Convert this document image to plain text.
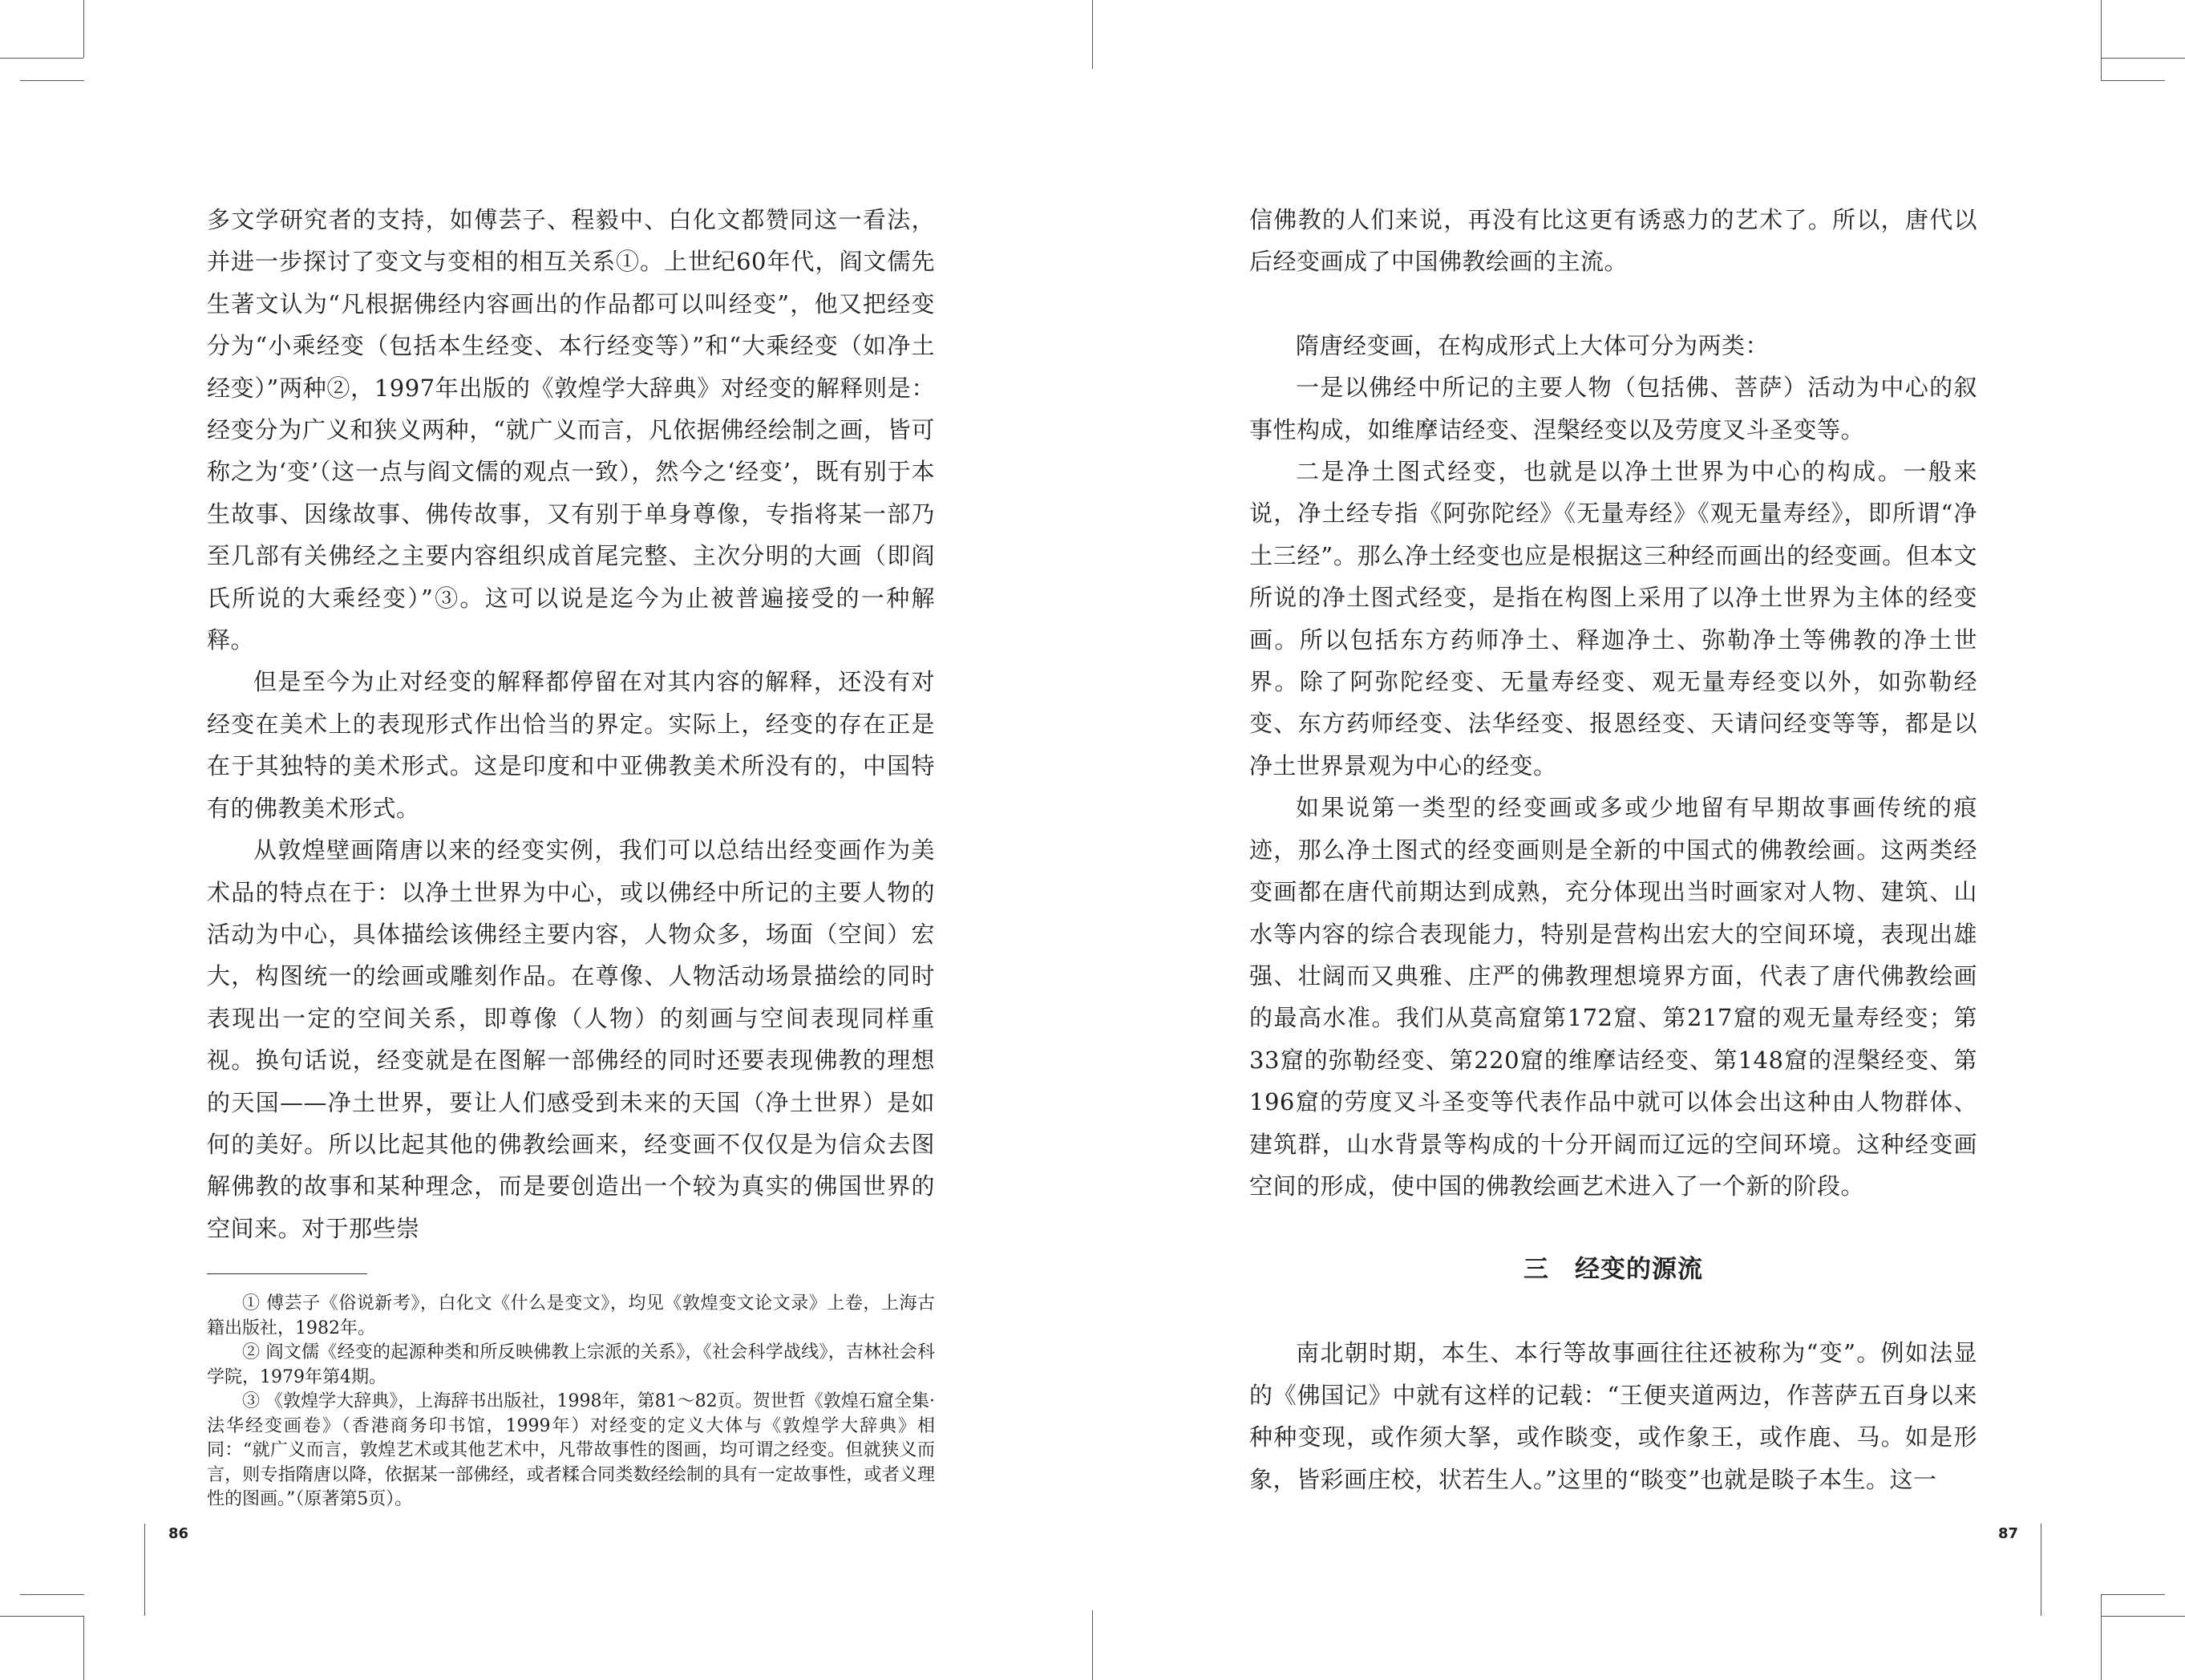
多文学研究者的支持，如傅芸子、程毅中、白化文都赞同这一看法，并进一步探讨了变文与变相的相互关系①。上世纪60年代，阎文儒先生著文认为“凡根据佛经内容画出的作品都可以叫经变”，他又把经变分为“小乘经变（包括本生经变、本行经变等）”和“大乘经变（如净土经变）”两种②，1997年出版的《敦煌学大辞典》对经变的解释则是：经变分为广义和狭义两种，“就广义而言，凡依据佛经绘制之画，皆可称之为‘变’（这一点与阎文儒的观点一致），然今之‘经变’，既有别于本生故事、因缘故事、佛传故事，又有别于单身尊像，专指将某一部乃至几部有关佛经之主要内容组织成首尾完整、主次分明的大画（即阎氏所说的大乘经变）”③。这可以说是迄今为止被普遍接受的一种解释。

但是至今为止对经变的解释都停留在对其内容的解释，还没有对经变在美术上的表现形式作出恰当的界定。实际上，经变的存在正是在于其独特的美术形式。这是印度和中亚佛教美术所没有的，中国特有的佛教美术形式。

从敦煌壁画隋唐以来的经变实例，我们可以总结出经变画作为美术品的特点在于：以净土世界为中心，或以佛经中所记的主要人物的活动为中心，具体描绘该佛经主要内容，人物众多，场面（空间）宏大，构图统一的绘画或雕刻作品。在尊像、人物活动场景描绘的同时表现出一定的空间关系，即尊像（人物）的刻画与空间表现同样重视。换句话说，经变就是在图解一部佛经的同时还要表现佛教的理想的天国——净土世界，要让人们感受到未来的天国（净土世界）是如何的美好。所以比起其他的佛教绘画来，经变画不仅仅是为信众去图解佛教的故事和某种理念，而是要创造出一个较为真实的佛国世界的空间来。对于那些崇

① 傅芸子《俗说新考》，白化文《什么是变文》，均见《敦煌变文论文录》上卷，上海古籍出版社，1982年。

② 阎文儒《经变的起源种类和所反映佛教上宗派的关系》，《社会科学战线》，吉林社会科学院，1979年第4期。

③ 《敦煌学大辞典》，上海辞书出版社，1998年，第81～82页。贺世哲《敦煌石窟全集·法华经变画卷》（香港商务印书馆，1999年）对经变的定义大体与《敦煌学大辞典》相同：“就广义而言，敦煌艺术或其他艺术中，凡带故事性的图画，均可谓之经变。但就狭义而言，则专指隋唐以降，依据某一部佛经，或者糅合同类数经绘制的具有一定故事性，或者义理性的图画。”（原著第5页）。

86

信佛教的人们来说，再没有比这更有诱惑力的艺术了。所以，唐代以后经变画成了中国佛教绘画的主流。

隋唐经变画，在构成形式上大体可分为两类：

一是以佛经中所记的主要人物（包括佛、菩萨）活动为中心的叙事性构成，如维摩诘经变、涅槃经变以及劳度叉斗圣变等。

二是净土图式经变，也就是以净土世界为中心的构成。一般来说，净土经专指《阿弥陀经》《无量寿经》《观无量寿经》，即所谓“净土三经”。那么净土经变也应是根据这三种经而画出的经变画。但本文所说的净土图式经变，是指在构图上采用了以净土世界为主体的经变画。所以包括东方药师净土、释迦净土、弥勒净土等佛教的净土世界。除了阿弥陀经变、无量寿经变、观无量寿经变以外，如弥勒经变、东方药师经变、法华经变、报恩经变、天请问经变等等，都是以净土世界景观为中心的经变。

如果说第一类型的经变画或多或少地留有早期故事画传统的痕迹，那么净土图式的经变画则是全新的中国式的佛教绘画。这两类经变画都在唐代前期达到成熟，充分体现出当时画家对人物、建筑、山水等内容的综合表现能力，特别是营构出宏大的空间环境，表现出雄强、壮阔而又典雅、庄严的佛教理想境界方面，代表了唐代佛教绘画的最高水准。我们从莫高窟第172窟、第217窟的观无量寿经变；第33窟的弥勒经变、第220窟的维摩诘经变、第148窟的涅槃经变、第196窟的劳度叉斗圣变等代表作品中就可以体会出这种由人物群体、建筑群，山水背景等构成的十分开阔而辽远的空间环境。这种经变画空间的形成，使中国的佛教绘画艺术进入了一个新的阶段。

三　经变的源流

南北朝时期，本生、本行等故事画往往还被称为“变”。例如法显的《佛国记》中就有这样的记载：“王便夹道两边，作菩萨五百身以来种种变现，或作须大拏，或作睒变，或作象王，或作鹿、马。如是形象，皆彩画庄校，状若生人。”这里的“睒变”也就是睒子本生。这一

87
